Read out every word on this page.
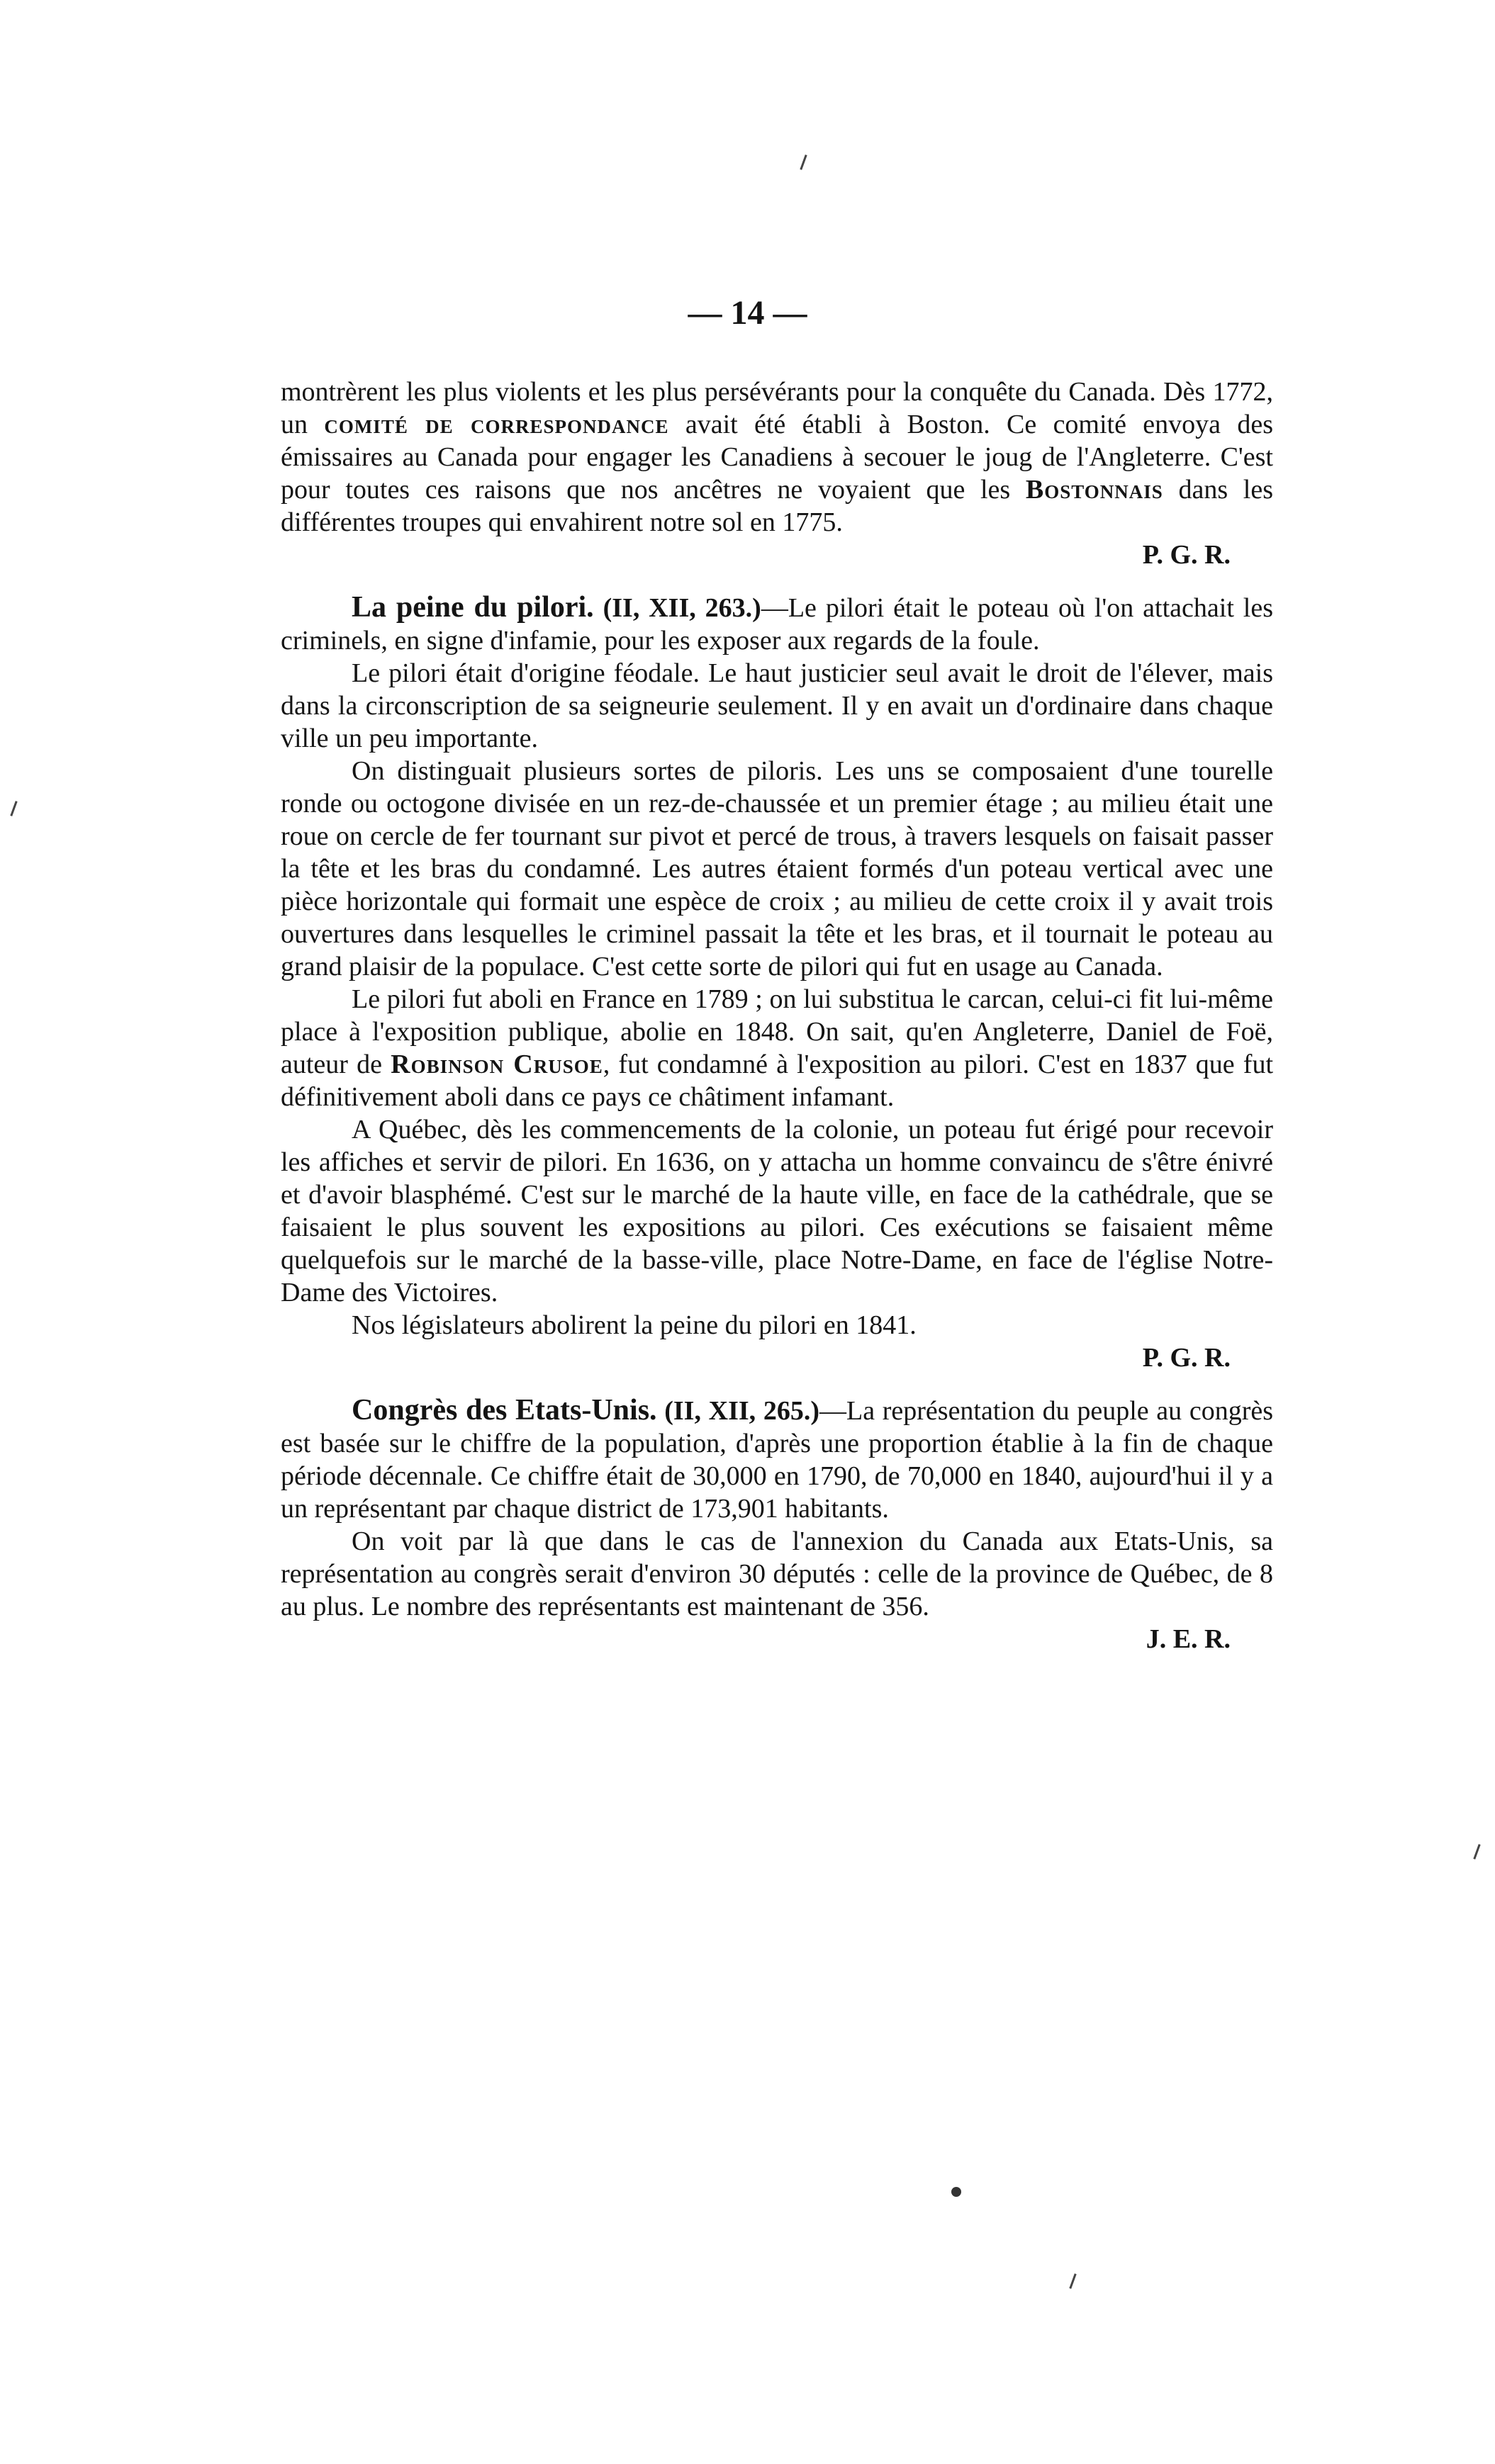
— 14 —

montrèrent les plus violents et les plus persévérants pour la conquête du Canada. Dès 1772, un comité de correspondance avait été établi à Boston. Ce comité envoya des émissaires au Canada pour engager les Canadiens à secouer le joug de l'Angleterre. C'est pour toutes ces raisons que nos ancêtres ne voyaient que les Bostonnais dans les différentes troupes qui envahirent notre sol en 1775.

P. G. R.

La peine du pilori. (II, XII, 263.)—Le pilori était le poteau où l'on attachait les criminels, en signe d'infamie, pour les exposer aux regards de la foule.

Le pilori était d'origine féodale. Le haut justicier seul avait le droit de l'élever, mais dans la circonscription de sa seigneurie seulement. Il y en avait un d'ordinaire dans chaque ville un peu importante.

On distinguait plusieurs sortes de piloris. Les uns se composaient d'une tourelle ronde ou octogone divisée en un rez-de-chaussée et un premier étage ; au milieu était une roue on cercle de fer tournant sur pivot et percé de trous, à travers lesquels on faisait passer la tête et les bras du condamné. Les autres étaient formés d'un poteau vertical avec une pièce horizontale qui formait une espèce de croix ; au milieu de cette croix il y avait trois ouvertures dans lesquelles le criminel passait la tête et les bras, et il tournait le poteau au grand plaisir de la populace. C'est cette sorte de pilori qui fut en usage au Canada.

Le pilori fut aboli en France en 1789 ; on lui substitua le carcan, celui-ci fit lui-même place à l'exposition publique, abolie en 1848. On sait, qu'en Angleterre, Daniel de Foë, auteur de Robinson Crusoe, fut condamné à l'exposition au pilori. C'est en 1837 que fut définitivement aboli dans ce pays ce châtiment infamant.

A Québec, dès les commencements de la colonie, un poteau fut érigé pour recevoir les affiches et servir de pilori. En 1636, on y attacha un homme convaincu de s'être énivré et d'avoir blasphémé. C'est sur le marché de la haute ville, en face de la cathédrale, que se faisaient le plus souvent les expositions au pilori. Ces exécutions se faisaient même quelquefois sur le marché de la basse-ville, place Notre-Dame, en face de l'église Notre-Dame des Victoires.

Nos législateurs abolirent la peine du pilori en 1841.

P. G. R.

Congrès des Etats-Unis. (II, XII, 265.)—La représentation du peuple au congrès est basée sur le chiffre de la population, d'après une proportion établie à la fin de chaque période décennale. Ce chiffre était de 30,000 en 1790, de 70,000 en 1840, aujourd'hui il y a un représentant par chaque district de 173,901 habitants.

On voit par là que dans le cas de l'annexion du Canada aux Etats-Unis, sa représentation au congrès serait d'environ 30 députés : celle de la province de Québec, de 8 au plus. Le nombre des représentants est maintenant de 356.

J. E. R.
